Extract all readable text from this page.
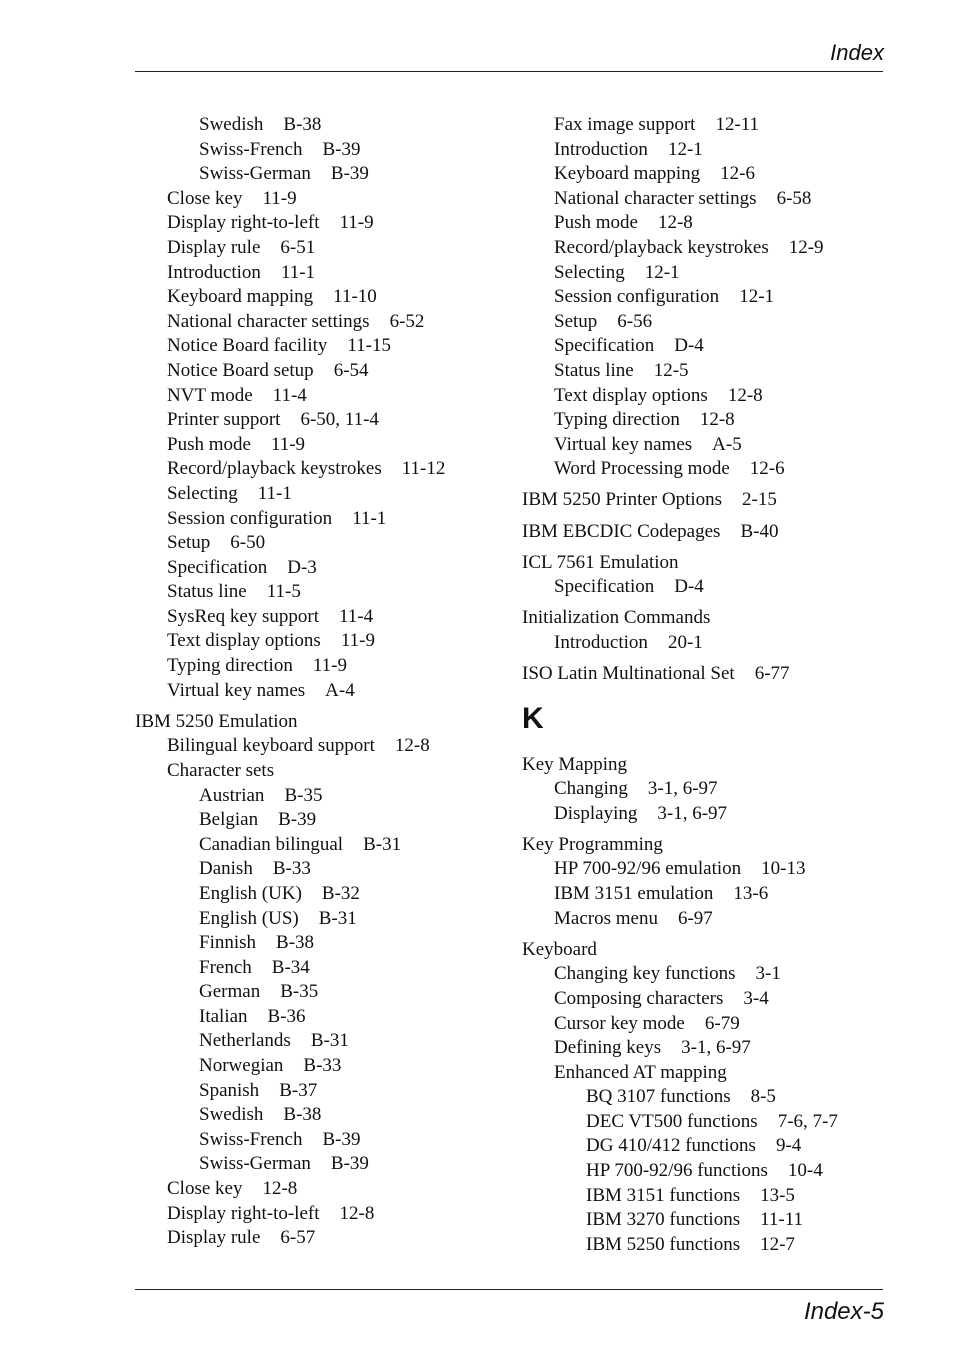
Index
Swedish B-38
Swiss-French B-39
Swiss-German B-39
Close key 11-9
Display right-to-left 11-9
Display rule 6-51
Introduction 11-1
Keyboard mapping 11-10
National character settings 6-52
Notice Board facility 11-15
Notice Board setup 6-54
NVT mode 11-4
Printer support 6-50, 11-4
Push mode 11-9
Record/playback keystrokes 11-12
Selecting 11-1
Session configuration 11-1
Setup 6-50
Specification D-3
Status line 11-5
SysReq key support 11-4
Text display options 11-9
Typing direction 11-9
Virtual key names A-4
IBM 5250 Emulation
Bilingual keyboard support 12-8
Character sets
Austrian B-35
Belgian B-39
Canadian bilingual B-31
Danish B-33
English (UK) B-32
English (US) B-31
Finnish B-38
French B-34
German B-35
Italian B-36
Netherlands B-31
Norwegian B-33
Spanish B-37
Swedish B-38
Swiss-French B-39
Swiss-German B-39
Close key 12-8
Display right-to-left 12-8
Display rule 6-57
Fax image support 12-11
Introduction 12-1
Keyboard mapping 12-6
National character settings 6-58
Push mode 12-8
Record/playback keystrokes 12-9
Selecting 12-1
Session configuration 12-1
Setup 6-56
Specification D-4
Status line 12-5
Text display options 12-8
Typing direction 12-8
Virtual key names A-5
Word Processing mode 12-6
IBM 5250 Printer Options 2-15
IBM EBCDIC Codepages B-40
ICL 7561 Emulation
Specification D-4
Initialization Commands
Introduction 20-1
ISO Latin Multinational Set 6-77
K
Key Mapping
Changing 3-1, 6-97
Displaying 3-1, 6-97
Key Programming
HP 700-92/96 emulation 10-13
IBM 3151 emulation 13-6
Macros menu 6-97
Keyboard
Changing key functions 3-1
Composing characters 3-4
Cursor key mode 6-79
Defining keys 3-1, 6-97
Enhanced AT mapping
BQ 3107 functions 8-5
DEC VT500 functions 7-6, 7-7
DG 410/412 functions 9-4
HP 700-92/96 functions 10-4
IBM 3151 functions 13-5
IBM 3270 functions 11-11
IBM 5250 functions 12-7
Index-5
